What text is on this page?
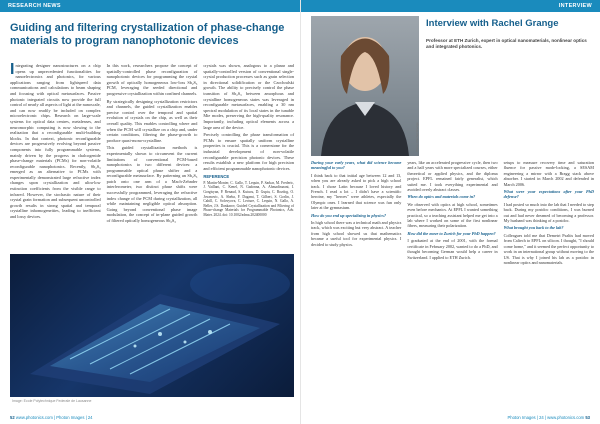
RESEARCH NEWS
Guiding and filtering crystallization of phase-change materials to program nanophotonic devices

Integrating designer nanostructures on a chip opens up unprecedented functionalities for nanoelectronics and photonics, for various applications ranging from lightspeed data communications and calculations to beam shaping and focusing with optical metasurfaces. Passive photonic integrated circuits now provide the full control of nearly all aspects of light at the nanoscale, and can now readily be included on complex microelectronic chips. Research on large-scale systems for optical data centres, metalenses, and neuromorphic computing is now slowing to the realization that a reconfigurable multi-building blocks. In that context, photonic reconfigurable devices are progressively evolving beyond passive components into fully programmable systems, mainly driven by the progress in chalcogenide phase-change materials (PCMs) for non-volatile reconfigurable nanophotonics. Recently, Sb₂S₃ emerged as an alternative to PCMs with experimentally demonstrated large refractive index changes upon crystallization and ultra-low extinction coefficients from the visible range to infrared. However, the stochastic nature of their crystal grain formation and subsequent uncontrolled growth results in strong spatial and temporal crystalline inhomogeneities, leading to inefficient and lossy devices.

In this work, researchers propose the concept of spatially-controlled phase reconfiguration of nanophotonic devices for programming the crystal growth of optically homogeneous low-loss Sb₂S₃ PCM, leveraging the seeded directional and progressive crystallization within confined channels.

By strategically designing crystallization restrictors and channels, the guided crystallization enables precise control over the temporal and spatial evolution of crystals on the chip, as well as their overall quality. This enables controlling where and when the PCM will crystallize on a chip and, under certain conditions, filtering the phase-growth to produce quasi-mono-crystalline.

This guided crystallization methods is experimentally shown to circumvent the current limitations of conventional PCM-based nanophotonics to two different devices: a programmable optical phase shifter and a reconfigurable metasurface. By patterning an Sb₂S₃ patch onto one arm of a Mach-Zehnder interferometer, two distinct phase shifts were successfully programmed, leveraging the refractive index change of the PCM during crystallization, all while maintaining negligible optical absorption. Going beyond conventional phase image modulation, the concept of in-plane guided growth of filtered optically homogeneous Sb₂S₃

crystals was shown, analogous to a planar and spatially-controlled version of conventional single-crystal production processes such as grain selection in directional solidification or the Czochralski growth. The ability to precisely control the phase transition of Sb₂S₃ between amorphous and crystalline homogeneous states was leveraged in reconfigurable metasurfaces, enabling a 30 nm spectral modulation of its local states in the tunable Mie modes, preserving the high-quality resonance. Importantly, including optical elements across a large area of the device.

Precisely controlling the phase transformation of PCMs to ensure spatially uniform crystalline properties is crucial. This is a cornerstone for the industrial development of non-volatile reconfigurable precision photonic devices. These results establish a new platform for high precision and efficient programmable nanophotonic devices.

REFERENCE
P. Martin-Monier, C. Gallo, T. Lequin, P. Sarkar, M. Frederic, J. Vaillant, C. Kenel, N. Gadonna, A. Ahmadirazani, I. Gorgisyan, P. Renaud, S. Kutucu, D. Gupta, C. Bozdog, O. Jovanovic, A. Sheba, F. Dagami, T. Gilbert, S. Gorlin, J. Cahill, C. Solovyova, C. Lecture, C. Lequin, N. Gallo, A. Beller, J.S. Dankarov, Guided Crystallization and Filtering of Phase-change Materials for Programmable Photonics, Adv. Mater. 2024. doi: 10.1002/adma.202400000
Image: Ecole Polytechnique Federale de Lausanne
52 www.photonics.com | Photon Images | 24
INTERVIEW
Photo: Rachel Grange
Interview with Rachel Grange
Professor at ETH Zurich, expert in optical nanomaterials, nonlinear optics and integrated photonics.

During your early years, what did science become meaningful to you?

I think back to that initial age between 12 and 13, when you are already asked to pick a high school track. I chose Latin because I loved history and French. I read a lot – I didn't have a scientific heroine, my "heroes" were athletes, especially the Olympic ones. I learned that science was fun only later at the gymnasium.

How do you end up specializing in physics?

In high school there was a technical math and physics track, which was exciting but very abstract. A teacher from high school showed us that mathematics became a useful tool for experimental physics. I decided to study physics.

years, like an accelerated progressive cycle, then two and a half years with more specialized courses, either theoretical or applied physics, and the diploma project. EPFL remained fairly generalist, which suited me. I took everything experimental and avoided overly abstract classes.

When do optics and materials come in?

We observed with optics at high school, sometimes even before mechanics. At EPFL I wanted something practical, so a teaching assistant helped me get into a lab where I worked on some of the first nonlinear fibers, measuring their polarization.

How did the move to Zurich for your PhD happen?

I graduated at the end of 2001, with the formal certificate in February 2002, wanted to do a PhD, and thought becoming German would help a career in Switzerland. I applied to ETH Zurich.

setups to measure recovery time and saturation fluence for passive mode-locking, a SESAM engineering a mirror with a Bragg stack above absorber. I started in March 2002 and defended in March 2006.

What were your expectations after your PhD defense?

I had posted so much into the lab that I needed to step back. During my postdoc conditions, I was burned out and had never dreamed of becoming a professor. My husband was thinking of a postdoc.

What brought you back to the lab?

Colleagues told me that Demetri Psaltis had moved from Caltech to EPFL on silicon. I thought, "I should come home," and it seemed the perfect opportunity to work in an international group without moving to the US. That is why I joined his lab as a postdoc in nonlinear optics and nanomaterials.

Photon Images | 24 | www.photonics.com 53
